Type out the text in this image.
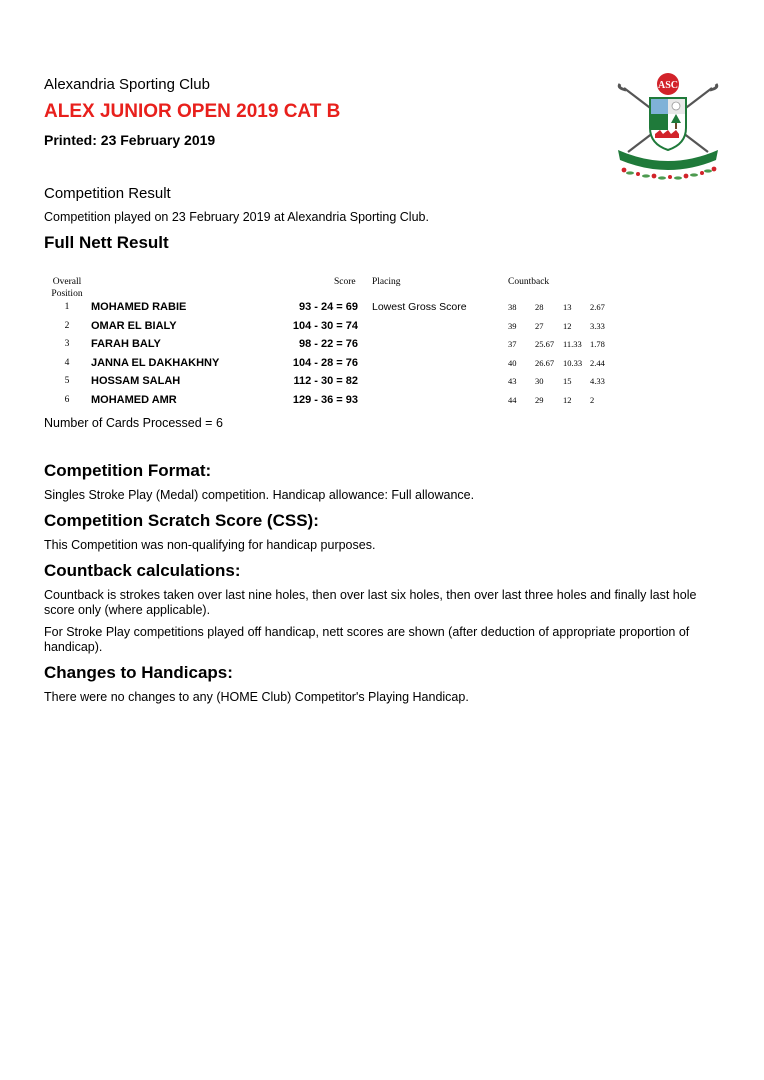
Alexandria Sporting Club
ALEX JUNIOR OPEN 2019 CAT B
Printed: 23 February 2019
ASC
Competition Result
Competition played on 23 February 2019 at Alexandria Sporting Club.
Full Nett Result
Overall
Position
Score Placing	Countback
1	MOHAMED RABIE	93 - 24 = 69 Lowest Gross Score	38 28 13 2.67
2	OMAR EL BIALY	104 - 30 = 74	39 27 12 3.33
3	FARAH BALY	98 - 22 = 76	37 25.67 11.33 1.78
4	JANNA EL DAKHAKHNY	104 - 28 = 76	40 26.67 10.33 2.44
5	HOSSAM SALAH	112 - 30 = 82	43 30 15 4.33
6	MOHAMED AMR	129 - 36 = 93	44 29 12 2
Number of Cards Processed = 6
Competition Format:
Singles Stroke Play (Medal) competition. Handicap allowance: Full allowance.
Competition Scratch Score (CSS):
This Competition was non-qualifying for handicap purposes.
Countback calculations:
Countback is strokes taken over last nine holes, then over last six holes, then over last three holes and finally last hole score only (where applicable).
For Stroke Play competitions played off handicap, nett scores are shown (after deduction of appropriate proportion of handicap).
Changes to Handicaps:
There were no changes to any (HOME Club) Competitor's Playing Handicap.
